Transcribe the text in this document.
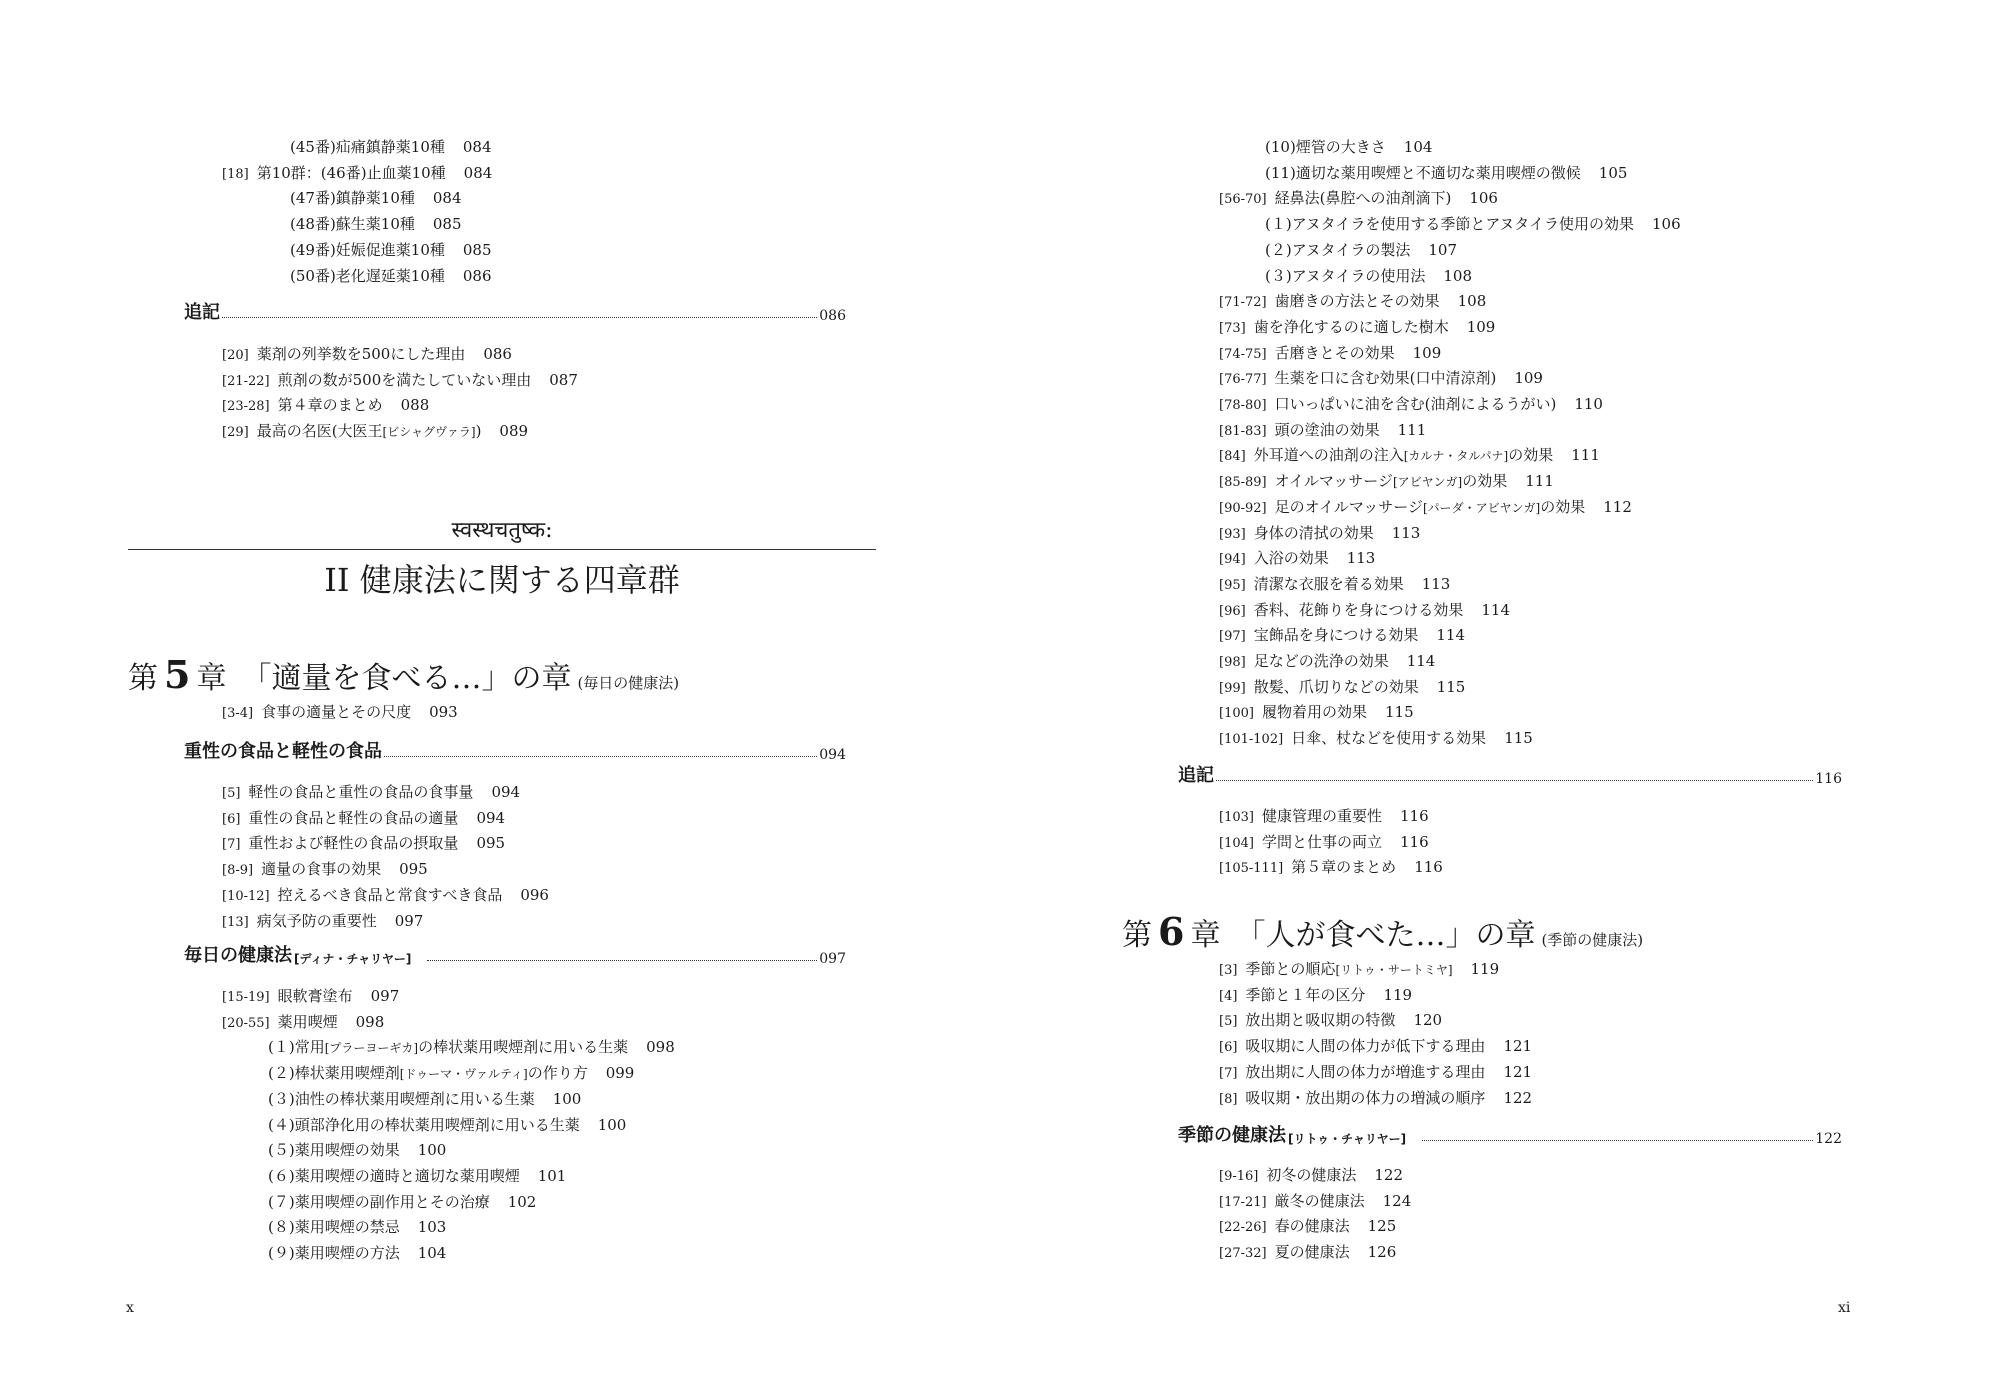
स्वस्थचतुष्क:
II 健康法に関する四章群
第 5 章　「適量を食べる…」の章 (毎日の健康法)
x
(45番)疝痛鎮静薬10種 084
[18] 第10群：(46番)止血薬10種 084
(47番)鎮静薬10種 084
(48番)蘇生薬10種 085
(49番)妊娠促進薬10種 085
(50番)老化遅延薬10種 086
追記	086
[20] 薬剤の列挙数を500にした理由 086
[21-22] 煎剤の数が500を満たしていない理由 087
[23-28] 第４章のまとめ 088
[29] 最高の名医(大医王[ビシャグヴァラ]) 089
[3-4] 食事の適量とその尺度 093
重性の食品と軽性の食品	094
[5] 軽性の食品と重性の食品の食事量 094
[6] 重性の食品と軽性の食品の適量 094
[7] 重性および軽性の食品の摂取量 095
[8-9] 適量の食事の効果 095
[10-12] 控えるべき食品と常食すべき食品 096
[13] 病気予防の重要性 097
毎日の健康法 [ディナ・チャリヤー]	097
[15-19] 眼軟膏塗布 097
[20-55] 薬用喫煙 098
(１)常用[プラーヨーギカ]の棒状薬用喫煙剤に用いる生薬 098
(２)棒状薬用喫煙剤[ドゥーマ・ヴァルティ]の作り方 099
(３)油性の棒状薬用喫煙剤に用いる生薬 100
(４)頭部浄化用の棒状薬用喫煙剤に用いる生薬 100
(５)薬用喫煙の効果 100
(６)薬用喫煙の適時と適切な薬用喫煙 101
(７)薬用喫煙の副作用とその治療 102
(８)薬用喫煙の禁忌 103
(９)薬用喫煙の方法 104
第 6 章　「人が食べた…」の章 (季節の健康法)
xi
(10)煙管の大きさ 104
(11)適切な薬用喫煙と不適切な薬用喫煙の徴候 105
[56-70] 経鼻法(鼻腔への油剤滴下) 106
(１)アヌタイラを使用する季節とアヌタイラ使用の効果 106
(２)アヌタイラの製法 107
(３)アヌタイラの使用法 108
[71-72] 歯磨きの方法とその効果 108
[73] 歯を浄化するのに適した樹木 109
[74-75] 舌磨きとその効果 109
[76-77] 生薬を口に含む効果(口中清涼剤) 109
[78-80] 口いっぱいに油を含む(油剤によるうがい) 110
[81-83] 頭の塗油の効果 111
[84] 外耳道への油剤の注入[カルナ・タルパナ]の効果 111
[85-89] オイルマッサージ[アビヤンガ]の効果 111
[90-92] 足のオイルマッサージ[パーダ・アビヤンガ]の効果 112
[93] 身体の清拭の効果 113
[94] 入浴の効果 113
[95] 清潔な衣服を着る効果 113
[96] 香料、花飾りを身につける効果 114
[97] 宝飾品を身につける効果 114
[98] 足などの洗浄の効果 114
[99] 散髪、爪切りなどの効果 115
[100] 履物着用の効果 115
[101-102] 日傘、杖などを使用する効果 115
追記	116
[103] 健康管理の重要性 116
[104] 学問と仕事の両立 116
[105-111] 第５章のまとめ 116
[3] 季節との順応[リトゥ・サートミヤ] 119
[4] 季節と１年の区分 119
[5] 放出期と吸収期の特徴 120
[6] 吸収期に人間の体力が低下する理由 121
[7] 放出期に人間の体力が増進する理由 121
[8] 吸収期・放出期の体力の増減の順序 122
季節の健康法 [リトゥ・チャリヤー]	122
[9-16] 初冬の健康法 122
[17-21] 厳冬の健康法 124
[22-26] 春の健康法 125
[27-32] 夏の健康法 126
